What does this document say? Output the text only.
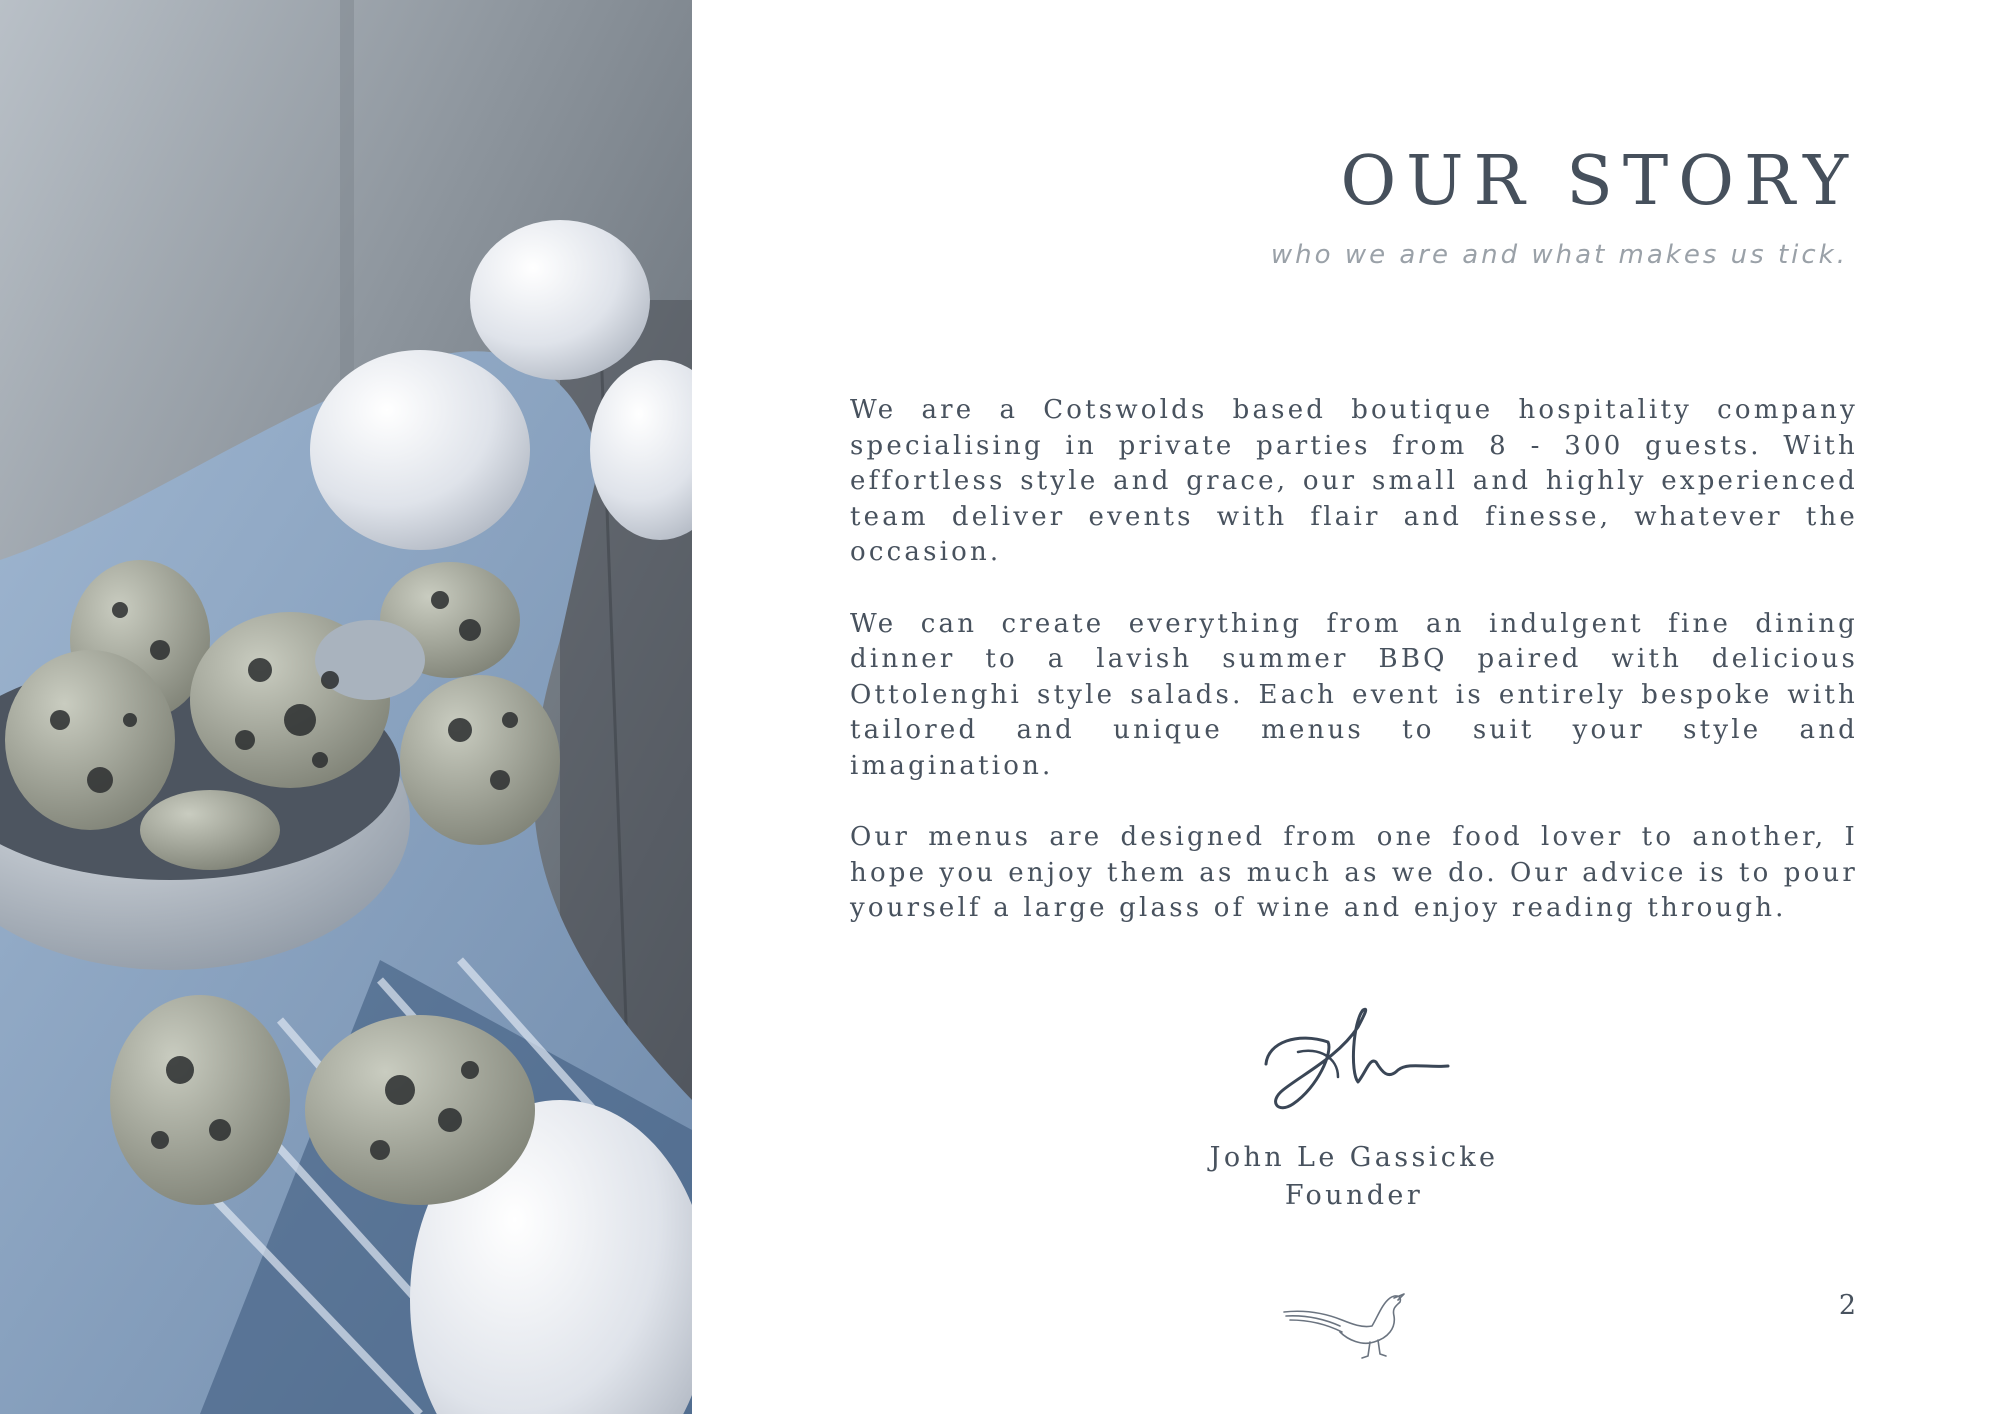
OUR STORY
who we are and what makes us tick.

We are a Cotswolds based boutique hospitality company specialising in private parties from 8 - 300 guests. With effortless style and grace, our small and highly experienced team deliver events with flair and finesse, whatever the occasion.

We can create everything from an indulgent fine dining dinner to a lavish summer BBQ paired with delicious Ottolenghi style salads. Each event is entirely bespoke with tailored and unique menus to suit your style and imagination.

Our menus are designed from one food lover to another, I hope you enjoy them as much as we do. Our advice is to pour yourself a large glass of wine and enjoy reading through.

John Le Gassicke
Founder
2
